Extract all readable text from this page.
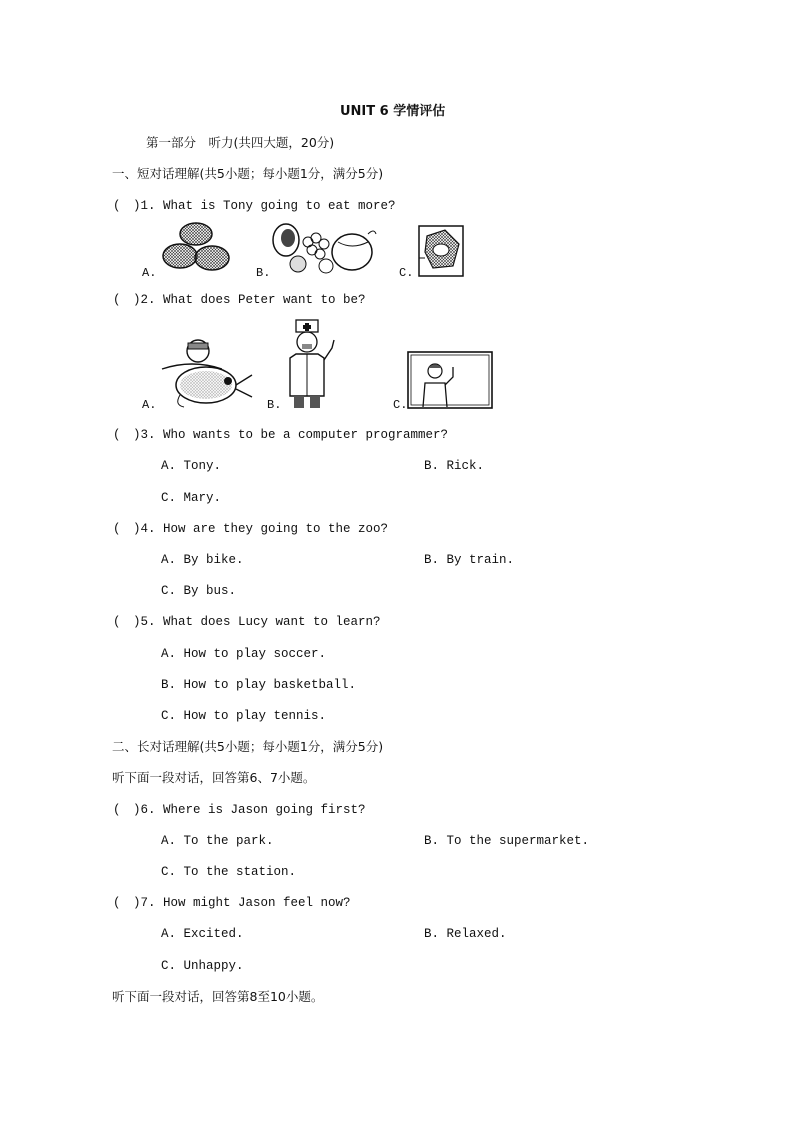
UNIT 6 学情评估
第一部分　听力(共四大题，20分)
一、短对话理解(共5小题；每小题1分，满分5分)
(　)1. What is Tony going to eat more?
A.	B.	C.
(　)2. What does Peter want to be?
A.	B.	C.
(　)3. Who wants to be a computer programmer?
A. Tony.	B. Rick.
C. Mary.
(　)4. How are they going to the zoo?
A. By bike.	B. By train.
C. By bus.
(　)5. What does Lucy want to learn?
A. How to play soccer.
B. How to play basketball.
C. How to play tennis.
二、长对话理解(共5小题；每小题1分，满分5分)
听下面一段对话，回答第6、7小题。
(　)6. Where is Jason going first?
A. To the park.	B. To the supermarket.
C. To the station.
(　)7. How might Jason feel now?
A. Excited.	B. Relaxed.
C. Unhappy.
听下面一段对话，回答第8至10小题。
